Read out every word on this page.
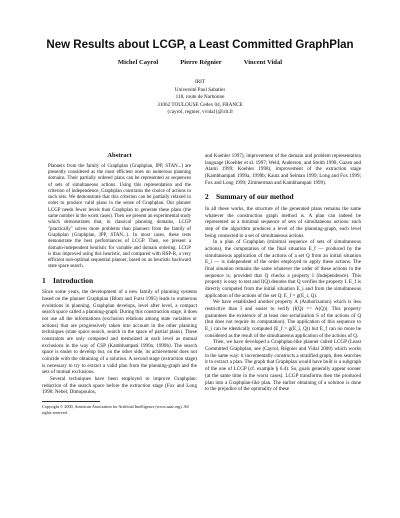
New Results about LCGP, a Least Committed GraphPlan
Michel Cayrol	Pierre Régnier	Vincent Vidal
IRIT
Université Paul Sabatier
118, route de Narbonne
31062 TOULOUSE Cedex 04, FRANCE
{cayrol, regnier, vvidal}@irit.fr
Abstract

Planners from the family of Graphplan (Graphplan, IPP, STAN...) are presently considered as the most efficient ones on numerous planning domains. Their partially ordered plans can be represented as sequences of sets of simultaneous actions. Using this representation and the criterion of independence, Graphplan constrains the choice of actions in such sets. We demonstrate that this criterion can be partially relaxed in order to produce valid plans in the sense of Graphplan. Our planner LCGP needs fewer levels than Graphplan to generate these plans (the same number in the worst cases). Then we present an experimental study which demonstrates that, in classical planning domains, LCGP "practically" solves more problems than planners from the family of Graphplan (Graphplan, IPP, STAN...). In most cases, these tests demonstrate the best performances of LCGP. Then, we present a domain-independent heuristic for variable and domain ordering. LCGP is thus improved using this heuristic, and compared with HSP-R, a very efficient non-optimal sequential planner, based on an heuristic backward state space search.

1 Introduction

Since some years, the development of a new family of planning systems based on the planner Graphplan (Blum and Furst 1995) leads to numerous evolutions in planning. Graphplan develops, level after level, a compact search space called a planning-graph. During this construction stage, it does not use all the informations (exclusion relations among state variables or actions) that are progressively taken into account in the other planning techniques (state space search, search in the space of partial plans). These constraints are only computed and memoized at each level as mutual exclusions in the way of CSP (Kambhampati 1999a, 1999b). The search space is easier to develop but, on the other side, its achievement does not coincide with the obtaining of a solution. A second stage (extraction stage) is necessary to try to extract a valid plan from the planning-graph and the sets of mutual exclusions.

Several techniques have been employed to improve Graphplan: reduction of the search space before the extraction stage (Fox and Long 1998; Nebel, Dimopoulos,

Copyright © 2000, American Association for Artificial Intelligence (www.aaai.org). All rights reserved.

and Koehler 1997), improvement of the domain and problem representation language (Koehler et al. 1997; Weld, Anderson, and Smith 1998; Gazen and Alami 1999; Koehler 1998), improvement of the extraction stage (Kambhampati 1999a, 1999b; Kautz and Selman 1999; Long and Fox 1999; Fox and Long 1999; Zimmerman and Kambhampati 1999).

2 Summary of our method

In all these works, the structure of the generated plans remains the same whatever the construction graph method is. A plan can indeed be represented as a minimal sequence of sets of simultaneous actions: each step of the algorithm produces a level of the planning-graph, each level being connected to a set of simultaneous actions.

In a plan of Graphplan (minimal sequence of sets of simultaneous actions), the computation of the final situation E_f — produced by the simultaneous application of the actions of a set Q from an initial situation E_i — is independent of the order employed to apply these actions. The final situation remains the same whatever the order of these actions in the sequence is, provided that Q checks a property I (Independence). This property is easy to test and I(Q) denotes that Q verifies the property I. E_f is directly computed from the initial situation E_i and from the simultaneous application of the actions of the set Q: E_f = g(E_i, Q).

We have established another property A (Authorization) which is less restrictive than I and easier to verify (I(Q) => A(Q)). This property guarantees the existence of at least one serialization S of the actions of Q (but does not require its computation). The application of this sequence to E_i can be identically computed (E_f = g(E_i, Q)) but E_f can no more be considered as the result of the simultaneous application of the actions of Q.

Then, we have developed a Graphplan-like planner called LCGP (Least Committed Graphplan, see (Cayrol, Régnier and Vidal 2000) which works in the same way: it incrementally constructs a stratified graph, then searches it to extract a plan. The graph that Graphplan would have built is a subgraph of the one of LCGP (cf. example § 6.4). So, goals generally appear sooner (at the same time in the worst cases). LCGP transforms then the produced plan into a Graphplan-like plan. The earlier obtaining of a solution is done to the prejudice of the optimality of these
